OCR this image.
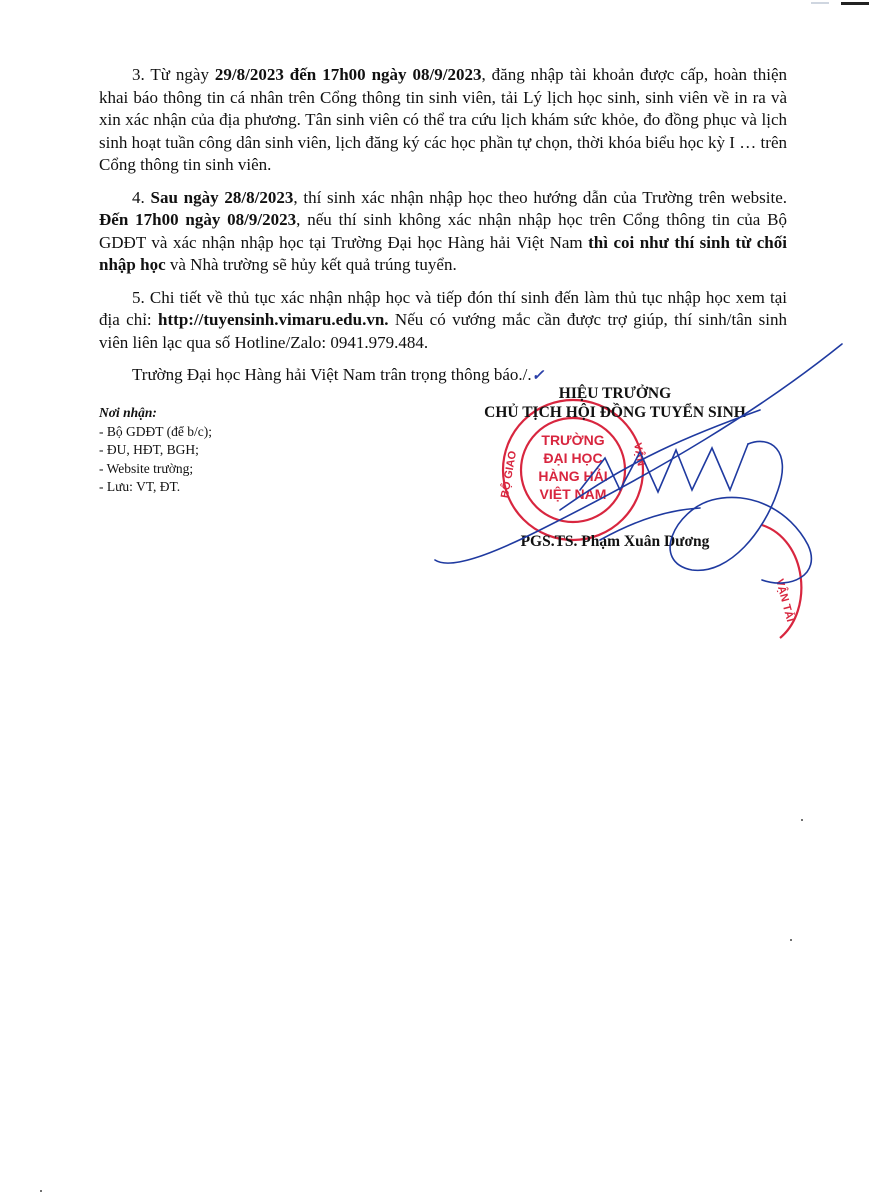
3. Từ ngày 29/8/2023 đến 17h00 ngày 08/9/2023, đăng nhập tài khoản được cấp, hoàn thiện khai báo thông tin cá nhân trên Cổng thông tin sinh viên, tải Lý lịch học sinh, sinh viên về in ra và xin xác nhận của địa phương. Tân sinh viên có thể tra cứu lịch khám sức khỏe, đo đồng phục và lịch sinh hoạt tuần công dân sinh viên, lịch đăng ký các học phần tự chọn, thời khóa biểu học kỳ I … trên Cổng thông tin sinh viên.

4. Sau ngày 28/8/2023, thí sinh xác nhận nhập học theo hướng dẫn của Trường trên website. Đến 17h00 ngày 08/9/2023, nếu thí sinh không xác nhận nhập học trên Cổng thông tin của Bộ GDĐT và xác nhận nhập học tại Trường Đại học Hàng hải Việt Nam thì coi như thí sinh từ chối nhập học và Nhà trường sẽ hủy kết quả trúng tuyển.

5. Chi tiết về thủ tục xác nhận nhập học và tiếp đón thí sinh đến làm thủ tục nhập học xem tại địa chỉ: http://tuyensinh.vimaru.edu.vn. Nếu có vướng mắc cần được trợ giúp, thí sinh/tân sinh viên liên lạc qua số Hotline/Zalo: 0941.979.484.

Trường Đại học Hàng hải Việt Nam trân trọng thông báo./.✓

Nơi nhận:
- Bộ GDĐT (để b/c);
- ĐU, HĐT, BGH;
- Website trường;
- Lưu: VT, ĐT.
TRƯỜNG
ĐẠI HỌC
HÀNG HẢI
VIỆT NAM
BỘ GIAO	VẬN
VẬN TẢI
HIỆU TRƯỞNG
CHỦ TỊCH HỘI ĐỒNG TUYỂN SINH
PGS.TS. Phạm Xuân Dương
